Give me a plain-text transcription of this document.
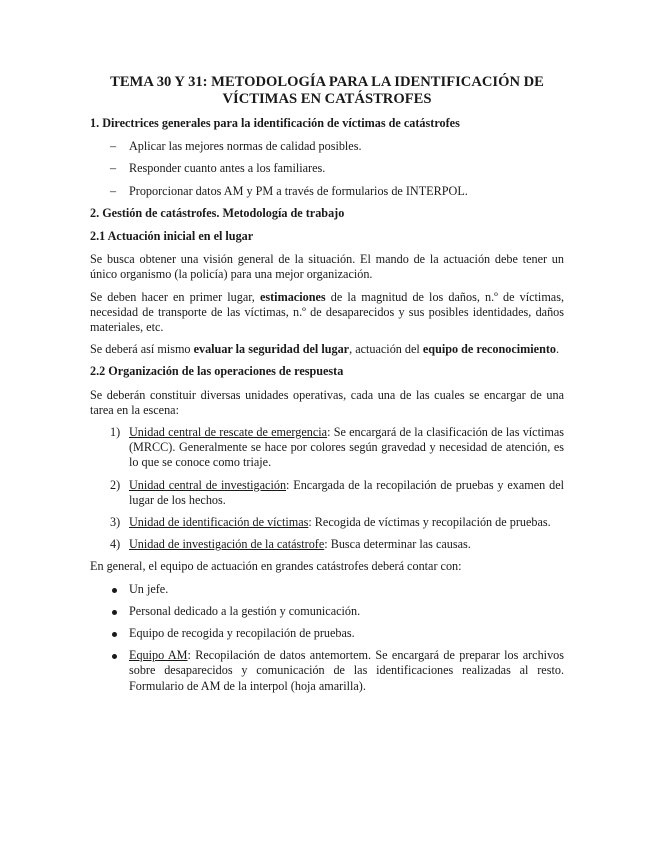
TEMA 30 Y 31: METODOLOGÍA PARA LA IDENTIFICACIÓN DE VÍCTIMAS EN CATÁSTROFES
1. Directrices generales para la identificación de víctimas de catástrofes
– Aplicar las mejores normas de calidad posibles.
– Responder cuanto antes a los familiares.
– Proporcionar datos AM y PM a través de formularios de INTERPOL.
2. Gestión de catástrofes. Metodología de trabajo
2.1 Actuación inicial en el lugar

Se busca obtener una visión general de la situación. El mando de la actuación debe tener un único organismo (la policía) para una mejor organización.

Se deben hacer en primer lugar, estimaciones de la magnitud de los daños, n.º de víctimas, necesidad de transporte de las víctimas, n.º de desaparecidos y sus posibles identidades, daños materiales, etc.

Se deberá así mismo evaluar la seguridad del lugar, actuación del equipo de reconocimiento.

2.2 Organización de las operaciones de respuesta

Se deberán constituir diversas unidades operativas, cada una de las cuales se encargar de una tarea en la escena:

1) Unidad central de rescate de emergencia: Se encargará de la clasificación de las víctimas (MRCC). Generalmente se hace por colores según gravedad y necesidad de atención, es lo que se conoce como triaje.
2) Unidad central de investigación: Encargada de la recopilación de pruebas y examen del lugar de los hechos.
3) Unidad de identificación de víctimas: Recogida de víctimas y recopilación de pruebas.
4) Unidad de investigación de la catástrofe: Busca determinar las causas.

En general, el equipo de actuación en grandes catástrofes deberá contar con:

Un jefe.
Personal dedicado a la gestión y comunicación.
Equipo de recogida y recopilación de pruebas.
Equipo AM: Recopilación de datos antemortem. Se encargará de preparar los archivos sobre desaparecidos y comunicación de las identificaciones realizadas al resto. Formulario de AM de la interpol (hoja amarilla).
